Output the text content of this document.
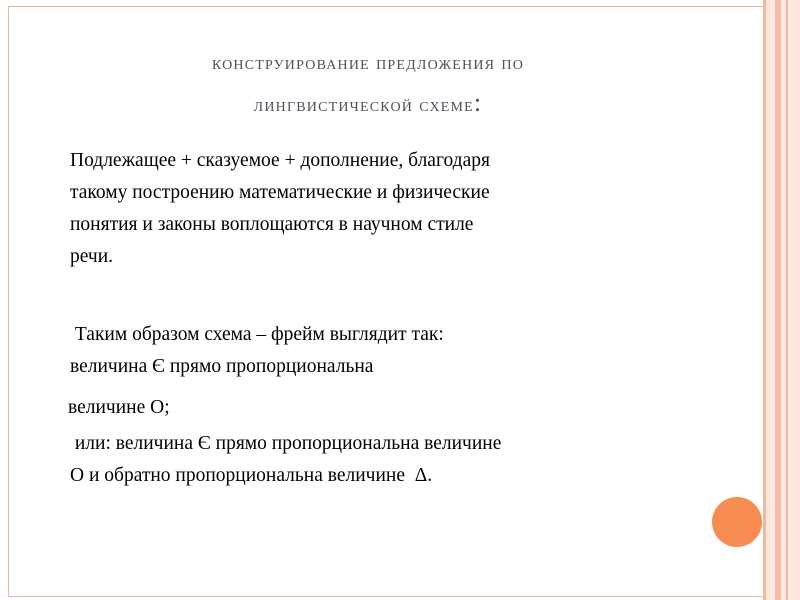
конструирование предложения по
лингвистической схеме:
Подлежащее + сказуемое + дополнение, благодаря
такому построению математические и физические
понятия и законы воплощаются в научном стиле
речи.
Таким образом схема – фрейм выглядит так:
величина Є прямо пропорциональна
величине О;
или: величина Є прямо пропорциональна величине
О и обратно пропорциональна величине  Δ.
